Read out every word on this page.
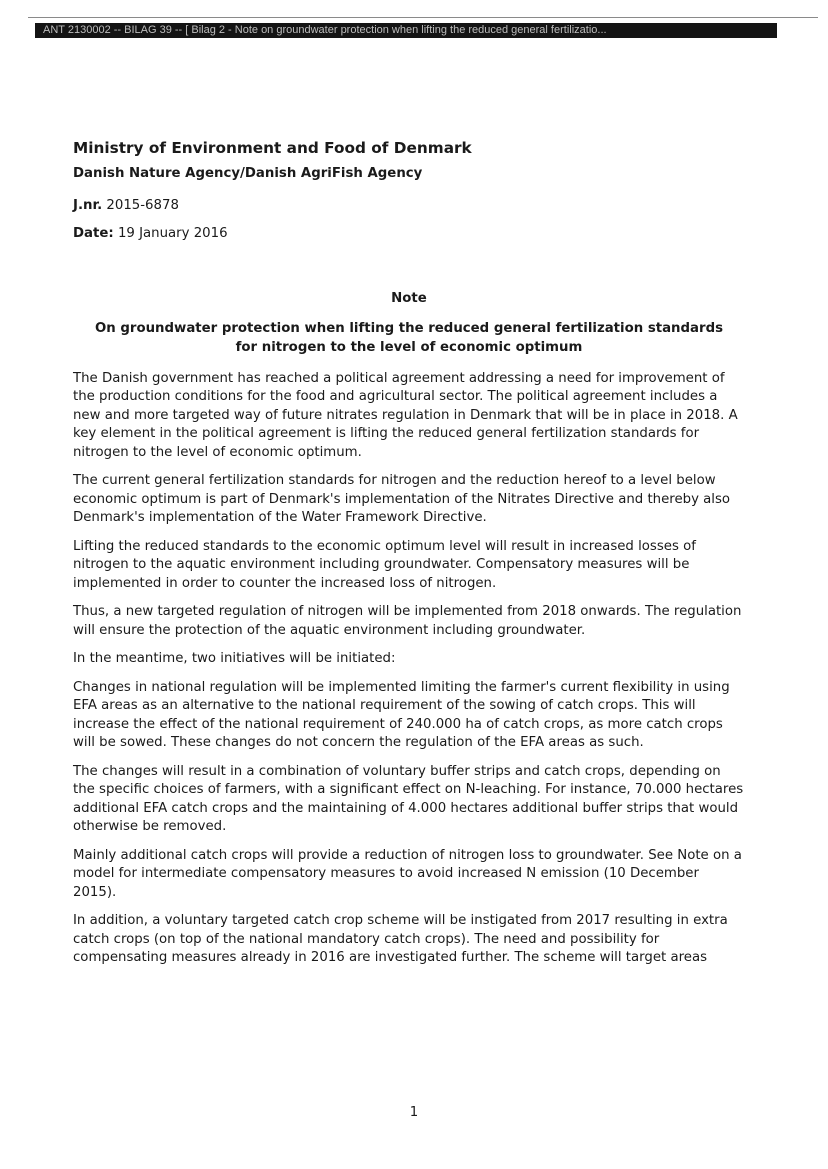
ANT 2130002 -- BILAG 39 -- [ Bilag 2 - Note on groundwater protection when lifting the reduced general fertilizatio...
Ministry of Environment and Food of Denmark
Danish Nature Agency/Danish AgriFish Agency
J.nr. 2015-6878
Date: 19 January 2016
Note
On groundwater protection when lifting the reduced general fertilization standards
for nitrogen to the level of economic optimum

The Danish government has reached a political agreement addressing a need for improvement of the production conditions for the food and agricultural sector. The political agreement includes a new and more targeted way of future nitrates regulation in Denmark that will be in place in 2018. A key element in the political agreement is lifting the reduced general fertilization standards for nitrogen to the level of economic optimum.

The current general fertilization standards for nitrogen and the reduction hereof to a level below economic optimum is part of Denmark's implementation of the Nitrates Directive and thereby also Denmark's implementation of the Water Framework Directive.

Lifting the reduced standards to the economic optimum level will result in increased losses of nitrogen to the aquatic environment including groundwater. Compensatory measures will be implemented in order to counter the increased loss of nitrogen.

Thus, a new targeted regulation of nitrogen will be implemented from 2018 onwards. The regulation will ensure the protection of the aquatic environment including groundwater.

In the meantime, two initiatives will be initiated:

Changes in national regulation will be implemented limiting the farmer's current flexibility in using EFA areas as an alternative to the national requirement of the sowing of catch crops. This will increase the effect of the national requirement of 240.000 ha of catch crops, as more catch crops will be sowed. These changes do not concern the regulation of the EFA areas as such.

The changes will result in a combination of voluntary buffer strips and catch crops, depending on the specific choices of farmers, with a significant effect on N-leaching. For instance, 70.000 hectares additional EFA catch crops and the maintaining of 4.000 hectares additional buffer strips that would otherwise be removed.

Mainly additional catch crops will provide a reduction of nitrogen loss to groundwater. See Note on a model for intermediate compensatory measures to avoid increased N emission (10 December 2015).

In addition, a voluntary targeted catch crop scheme will be instigated from 2017 resulting in extra catch crops (on top of the national mandatory catch crops). The need and possibility for compensating measures already in 2016 are investigated further. The scheme will target areas

1
